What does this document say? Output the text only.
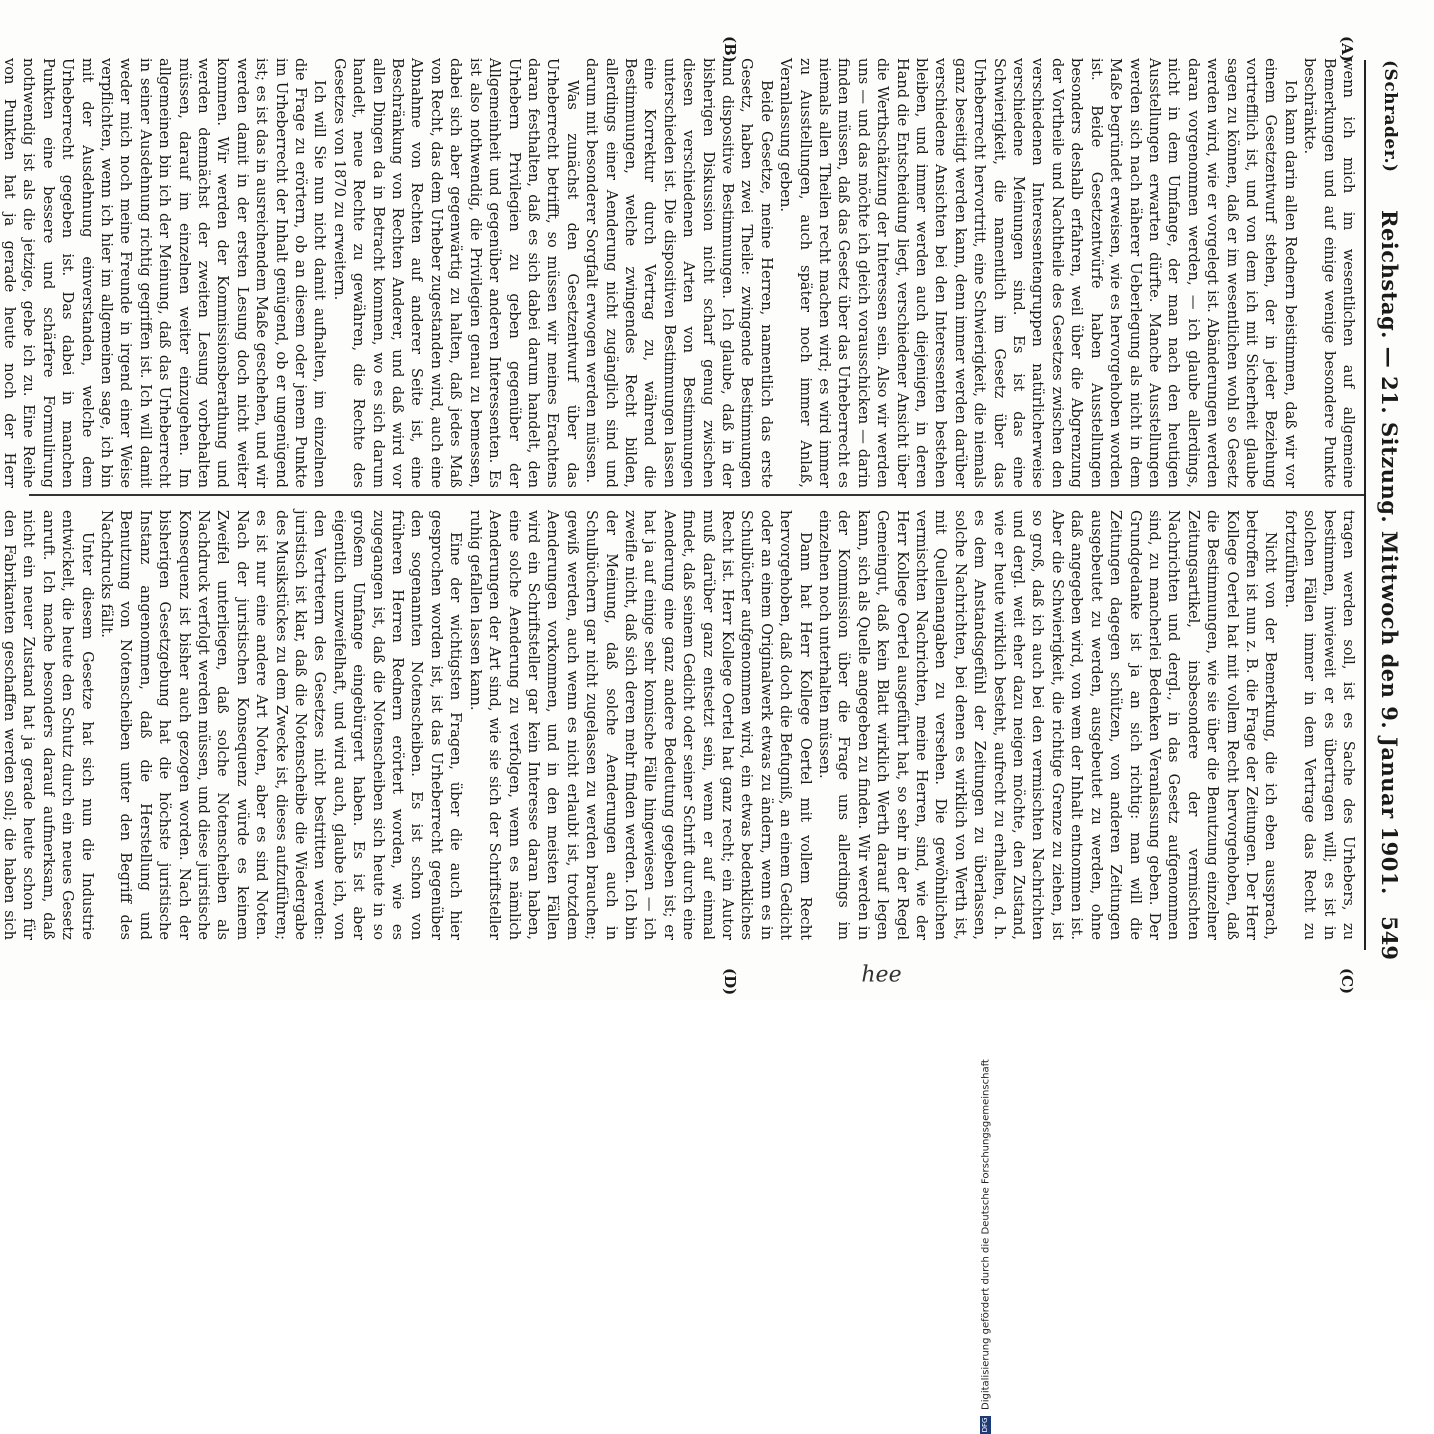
(Schrader.)
Reichstag. — 21. Sitzung. Mittwoch den 9. Januar 1901.
549
(A)
(B)
(C)
(D)

wenn ich mich im wesentlichen auf allgemeine Bemerkungen und auf einige wenige besondere Punkte beschränkte.

Ich kann darin allen Rednern beistimmen, daß wir vor einem Gesetzentwurf stehen, der in jeder Beziehung vortrefflich ist, und von dem ich mit Sicherheit glaube sagen zu können, daß er im wesentlichen wohl so Gesetz werden wird, wie er vorgelegt ist. Abänderungen werden daran vorgenommen werden, — ich glaube allerdings, nicht in dem Umfange, der man nach den heutigen Ausstellungen erwarten dürfte. Manche Ausstellungen werden sich nach näherer Ueberlegung als nicht in dem Maße begründet erweisen, wie es hervorgehoben worden ist. Beide Gesetzentwürfe haben Ausstellungen besonders deshalb erfahren, weil über die Abgrenzung der Vortheile und Nachtheile des Gesetzes zwischen den verschiedenen Interessentengruppen natürlicherweise verschiedene Meinungen sind. Es ist das eine Schwierigkeit, die namentlich im Gesetz über das Urheberrecht hervortritt, eine Schwierigkeit, die niemals ganz beseitigt werden kann, denn immer werden darüber verschiedene Ansichten bei den Interessenten bestehen bleiben, und immer werden auch diejenigen, in deren Hand die Entscheidung liegt, verschiedener Ansicht über die Werthschätzung der Interessen sein. Also wir werden uns — und das möchte ich gleich vorausschicken — darin finden müssen, daß das Gesetz über das Urheberrecht es niemals allen Theilen recht machen wird; es wird immer zu Ausstellungen, auch später noch immer Anlaß, Veranlassung geben.

Beide Gesetze, meine Herren, namentlich das erste Gesetz, haben zwei Theile: zwingende Bestimmungen und dispositive Bestimmungen. Ich glaube, daß in der bisherigen Diskussion nicht scharf genug zwischen diesen verschiedenen Arten von Bestimmungen unterschieden ist. Die dispositiven Bestimmungen lassen eine Korrektur durch Vertrag zu, während die Bestimmungen, welche zwingendes Recht bilden, allerdings einer Aenderung nicht zugänglich sind und darum mit besonderer Sorgfalt erwogen werden müssen.

Was zunächst den Gesetzentwurf über das Urheberrecht betrifft, so müssen wir meines Erachtens daran festhalten, daß es sich dabei darum handelt, den Urhebern Privilegien zu geben gegenüber der Allgemeinheit und gegenüber anderen Interessenten. Es ist also nothwendig, die Privilegien genau zu bemessen, dabei sich aber gegenwärtig zu halten, daß jedes Maß von Recht, das dem Urheber zugestanden wird, auch eine Abnahme von Rechten auf anderer Seite ist, eine Beschränkung von Rechten Anderer, und daß wird vor allen Dingen da in Betracht kommen, wo es sich darum handelt, neue Rechte zu gewähren, die Rechte des Gesetzes von 1870 zu erweitern.

Ich will Sie nun nicht damit aufhalten, im einzelnen die Frage zu erörtern, ob an diesem oder jenem Punkte im Urheberrecht der Inhalt genügend, ob er ungenügend ist; es ist das in ausreichendem Maße geschehen, und wir werden damit in der ersten Lesung doch nicht weiter kommen. Wir werden der Kommissionsberathung und werden demnächst der zweiten Lesung vorbehalten müssen, darauf im einzelnen weiter einzugehen. Im allgemeinen bin ich der Meinung, daß das Urheberrecht in seiner Ausdehnung richtig gegriffen ist. Ich will damit weder mich noch meine Freunde in irgend einer Weise verpflichten, wenn ich hier im allgemeinen sage, ich bin mit der Ausdehnung einverstanden, welche dem Urheberrecht gegeben ist. Das dabei in manchen Punkten eine bessere und schärfere Formulirung nothwendig ist als die jetzige, gebe ich zu. Eine Reihe von Punkten hat ja gerade heute noch der Herr

tragen werden soll, ist es Sache des Urhebers, zu bestimmen, inwieweit er es übertragen will; es ist in solchen Fällen immer in dem Vertrage das Recht zu fortzuführen.

Nicht von der Bemerkung, die ich eben aussprach, betroffen ist nun z. B. die Frage der Zeitungen. Der Herr Kollege Oertel hat mit vollem Recht hervorgehoben, daß die Bestimmungen, wie sie über die Benutzung einzelner Zeitungsartikel, insbesondere der vermischten Nachrichten und dergl., in das Gesetz aufgenommen sind, zu mancherlei Bedenken Veranlassung geben. Der Grundgedanke ist ja an sich richtig: man will die Zeitungen dagegen schützen, von anderen Zeitungen ausgebeutet zu werden, ausgebeutet zu werden, ohne daß angegeben wird, von wem der Inhalt entnommen ist. Aber die Schwierigkeit, die richtige Grenze zu ziehen, ist so groß, daß ich auch bei den vermischten Nachrichten und dergl. weit eher dazu neigen möchte, den Zustand, wie er heute wirklich besteht, aufrecht zu erhalten, d. h. es dem Anstandsgefühl der Zeitungen zu überlassen, solche Nachrichten, bei denen es wirklich von Werth ist, mit Quellenangaben zu versehen. Die gewöhnlichen vermischten Nachrichten, meine Herren, sind, wie der Herr Kollege Oertel ausgeführt hat, so sehr in der Regel Gemeingut, daß kein Blatt wirklich Werth darauf legen kann, sich als Quelle angegeben zu finden. Wir werden in der Kommission über die Frage uns allerdings im einzelnen noch unterhalten müssen.

Dann hat Herr Kollege Oertel mit vollem Recht hervorgehoben, daß doch die Befugniß, an einem Gedicht oder an einem Originalwerk etwas zu ändern, wenn es in Schulbücher aufgenommen wird, ein etwas bedenkliches Recht ist. Herr Kollege Oertel hat ganz recht; ein Autor muß darüber ganz entsetzt sein, wenn er auf einmal findet, daß seinem Gedicht oder seiner Schrift durch eine Aenderung eine ganz andere Bedeutung gegeben ist; er hat ja auf einige sehr komische Fälle hingewiesen — ich zweifle nicht, daß sich deren mehr finden werden. Ich bin der Meinung, daß solche Aenderungen auch in Schulbüchern gar nicht zugelassen zu werden brauchen; gewiß werden, auch wenn es nicht erlaubt ist, trotzdem Aenderungen vorkommen, und in den meisten Fällen wird ein Schriftsteller gar kein Interesse daran haben, eine solche Aenderung zu verfolgen, wenn es nämlich Aenderungen der Art sind, wie sie sich der Schriftsteller ruhig gefallen lassen kann.

Eine der wichtigsten Fragen, über die auch hier gesprochen worden ist, ist das Urheberrecht gegenüber den sogenannten Notenscheiben. Es ist schon von früheren Herren Rednern erörtert worden, wie es zugegangen ist, daß die Notenscheiben sich heute in so großem Umfange eingebürgert haben. Es ist aber eigentlich unzweifelhaft, und wird auch, glaube ich, von den Vertretern des Gesetzes nicht bestritten werden: juristisch ist klar, daß die Notenscheibe die Wiedergabe des Musikstückes zu dem Zwecke ist, dieses aufzuführen; es ist nur eine andere Art Noten, aber es sind Noten. Nach der juristischen Konsequenz würde es keinem Zweifel unterliegen, daß solche Notenscheiben als Nachdruck verfolgt werden müssen, und diese juristische Konsequenz ist bisher auch gezogen worden. Nach der bisherigen Gesetzgebung hat die höchste juristische Instanz angenommen, daß die Herstellung und Benutzung von Notenscheiben unter den Begriff des Nachdrucks fällt.

Unter diesem Gesetze hat sich nun die Industrie entwickelt, die heute den Schutz durch ein neues Gesetz anruft. Ich mache besonders darauf aufmerksam, daß nicht ein neuer Zustand hat ja gerade heute schon für den Fabrikanten geschaffen werden soll; die haben sich

hee
DFGDigitalisierung gefördert durch die Deutsche Forschungsgemeinschaft
